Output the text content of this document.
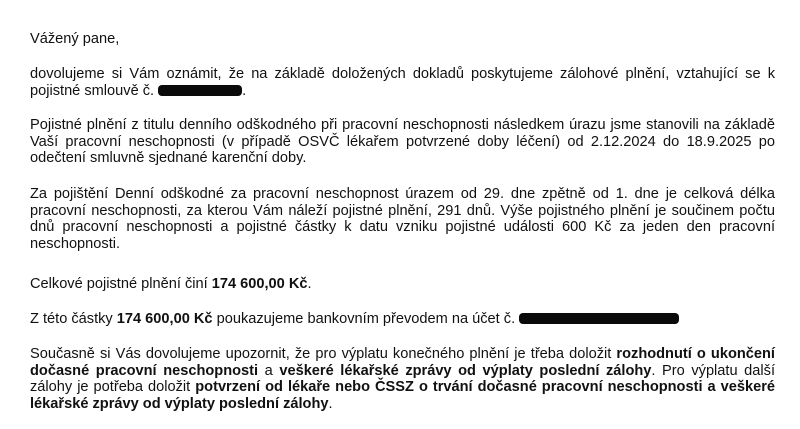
Vážený pane,
dovolujeme si Vám oznámit, že na základě doložených dokladů poskytujeme zálohové plnění, vztahující se k pojistné smlouvě č.	.
Pojistné plnění z titulu denního odškodného při pracovní neschopnosti následkem úrazu jsme stanovili na základě Vaší pracovní neschopnosti (v případě OSVČ lékařem potvrzené doby léčení) od 2.12.2024 do 18.9.2025 po odečtení smluvně sjednané karenční doby.
Za pojištění Denní odškodné za pracovní neschopnost úrazem od 29. dne zpětně od 1. dne je celková délka pracovní neschopnosti, za kterou Vám náleží pojistné plnění, 291 dnů. Výše pojistného plnění je součinem počtu dnů pracovní neschopnosti a pojistné částky k datu vzniku pojistné události 600 Kč za jeden den pracovní neschopnosti.
Celkové pojistné plnění činí 174 600,00 Kč.
Z této částky 174 600,00 Kč poukazujeme bankovním převodem na účet č.
Současně si Vás dovolujeme upozornit, že pro výplatu konečného plnění je třeba doložit rozhodnutí o ukončení dočasné pracovní neschopnosti a veškeré lékařské zprávy od výplaty poslední zálohy. Pro výplatu další zálohy je potřeba doložit potvrzení od lékaře nebo ČSSZ o trvání dočasné pracovní neschopnosti a veškeré lékařské zprávy od výplaty poslední zálohy.
